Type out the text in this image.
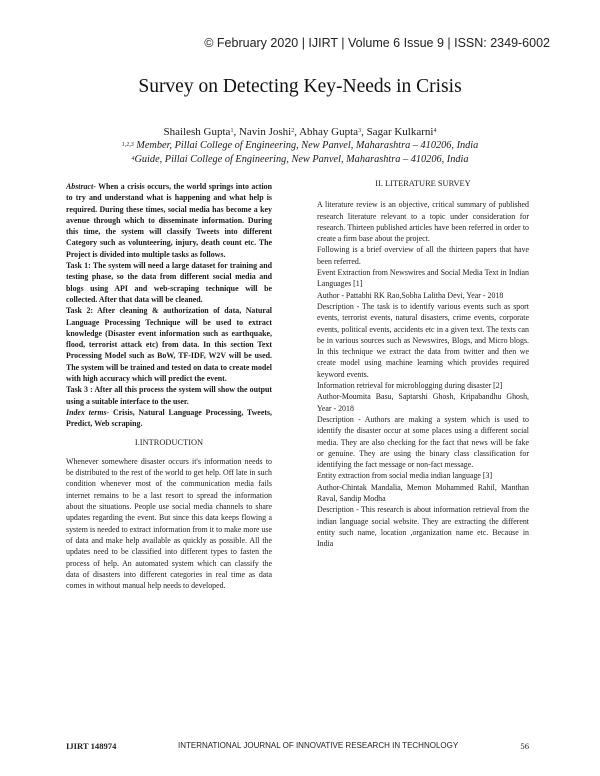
© February 2020 | IJIRT | Volume 6 Issue 9 | ISSN: 2349-6002
Survey on Detecting Key-Needs in Crisis
Shailesh Gupta$^1$, Navin Joshi$^2$, Abhay Gupta$^3$, Sagar Kulkarni$^4$
$^{1,2,3}$ Member, Pillai College of Engineering, New Panvel, Maharashtra – 410206, India
$^4$Guide, Pillai College of Engineering, New Panvel, Maharashtra – 410206, India

Abstract- When a crisis occurs, the world springs into action to try and understand what is happening and what help is required. During these times, social media has become a key avenue through which to disseminate information. During this time, the system will classify Tweets into different Category such as volunteering, injury, death count etc. The Project is divided into multiple tasks as follows.

Task 1: The system will need a large dataset for training and testing phase, so the data from different social media and blogs using API and web-scraping technique will be collected. After that data will be cleaned.

Task 2: After cleaning & authorization of data, Natural Language Processing Technique will be used to extract knowledge (Disaster event information such as earthquake, flood, terrorist attack etc) from data. In this section Text Processing Model such as BoW, TF-IDF, W2V will be used. The system will be trained and tested on data to create model with high accuracy which will predict the event.

Task 3 : After all this process the system will show the output using a suitable interface to the user.

Index terms- Crisis, Natural Language Processing, Tweets, Predict, Web scraping.

I.INTRODUCTION

Whenever somewhere disaster occurs it's information needs to be distributed to the rest of the world to get help. Off late in such condition whenever most of the communication media fails internet remains to be a last resort to spread the information about the situations. People use social media channels to share updates regarding the event. But since this data keeps flowing a system is needed to extract information from it to make more use of data and make help available as quickly as possible. All the updates need to be classified into different types to fasten the process of help. An automated system which can classify the data of disasters into different categories in real time as data comes in without manual help needs to developed.

II. LITERATURE SURVEY

A literature review is an objective, critical summary of published research literature relevant to a topic under consideration for research. Thirteen published articles have been referred in order to create a firm base about the project.

Following is a brief overview of all the thirteen papers that have been referred.

Event Extraction from Newswires and Social Media Text in Indian Languages [1]

Author - Pattabhi RK Rao,Sobha Lalitha Devi, Year - 2018

Description - The task is to identify various events such as sport events, terrorist events, natural disasters, crime events, corporate events, political events, accidents etc in a given text. The texts can be in various sources such as Newswires, Blogs, and Micro blogs. In this technique we extract the data from twitter and then we create model using machine learning which provides required keyword events.

Information retrieval for microblogging during disaster [2]

Author-Moumita Basu, Saptarshi Ghosh, Kripabandhu Ghosh, Year - 2018

Description - Authors are making a system which is used to identify the disaster occur at some places using a different social media. They are also checking for the fact that news will be fake or genuine. They are using the binary class classification for identifying the fact message or non-fact message.

Entity extraction from social media indian language [3]

Author-Chintak Mandalia, Memon Mohammed Rahil, Manthan Raval, Sandip Modha

Description - This research is about information retrieval from the indian language social website. They are extracting the different entity such name, location ,organization name etc. Because in India

IJIRT 148974	INTERNATIONAL JOURNAL OF INNOVATIVE RESEARCH IN TECHNOLOGY	56
